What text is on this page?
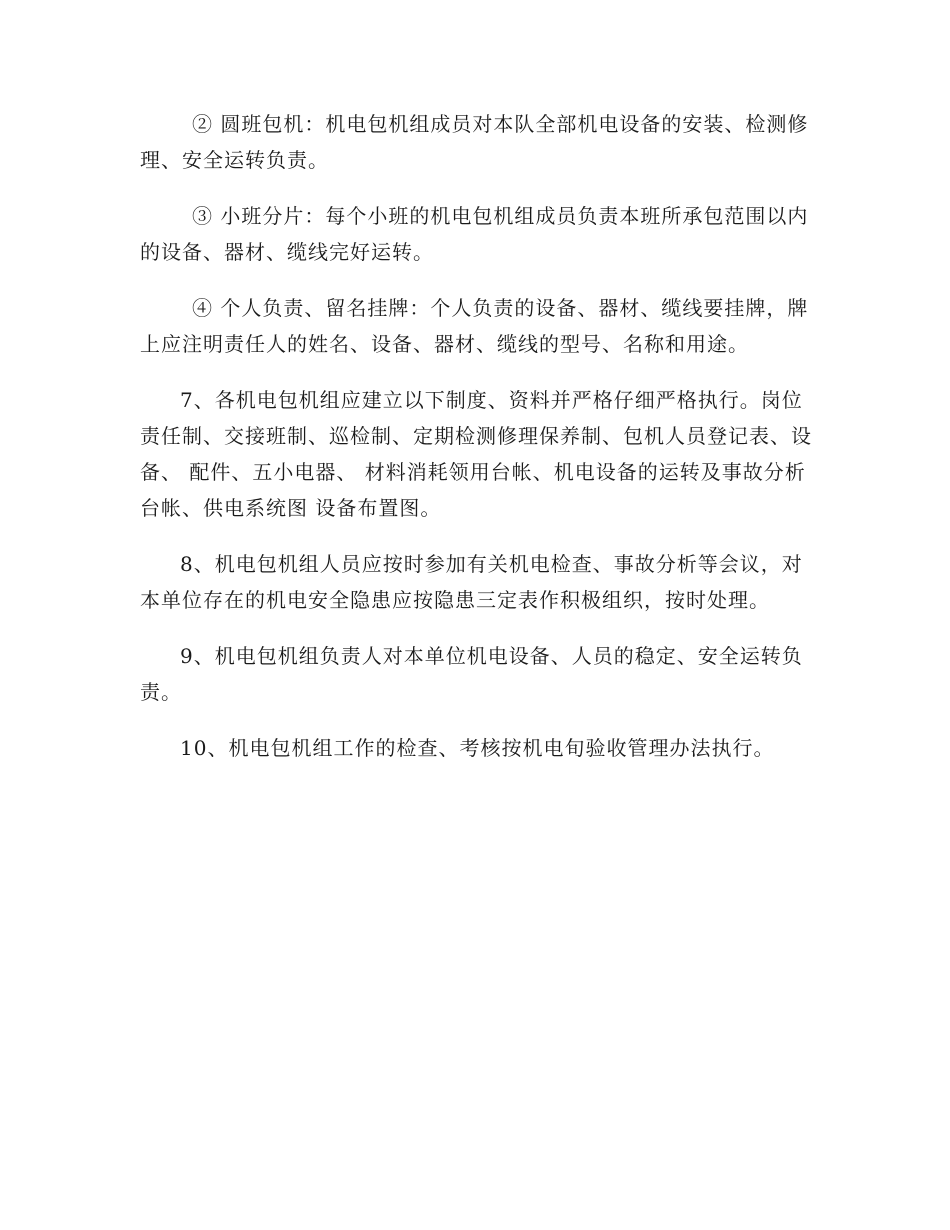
② 圆班包机：机电包机组成员对本队全部机电设备的安装、检测修理、安全运转负责。

③ 小班分片：每个小班的机电包机组成员负责本班所承包范围以内的设备、器材、缆线完好运转。

④ 个人负责、留名挂牌：个人负责的设备、器材、缆线要挂牌，牌上应注明责任人的姓名、设备、器材、缆线的型号、名称和用途。

7、各机电包机组应建立以下制度、资料并严格仔细严格执行。岗位责任制、交接班制、巡检制、定期检测修理保养制、包机人员登记表、设备、 配件、五小电器、 材料消耗领用台帐、机电设备的运转及事故分析台帐、供电系统图 设备布置图。

8、机电包机组人员应按时参加有关机电检查、事故分析等会议，对本单位存在的机电安全隐患应按隐患三定表作积极组织，按时处理。

9、机电包机组负责人对本单位机电设备、人员的稳定、安全运转负责。

10、机电包机组工作的检查、考核按机电旬验收管理办法执行。
